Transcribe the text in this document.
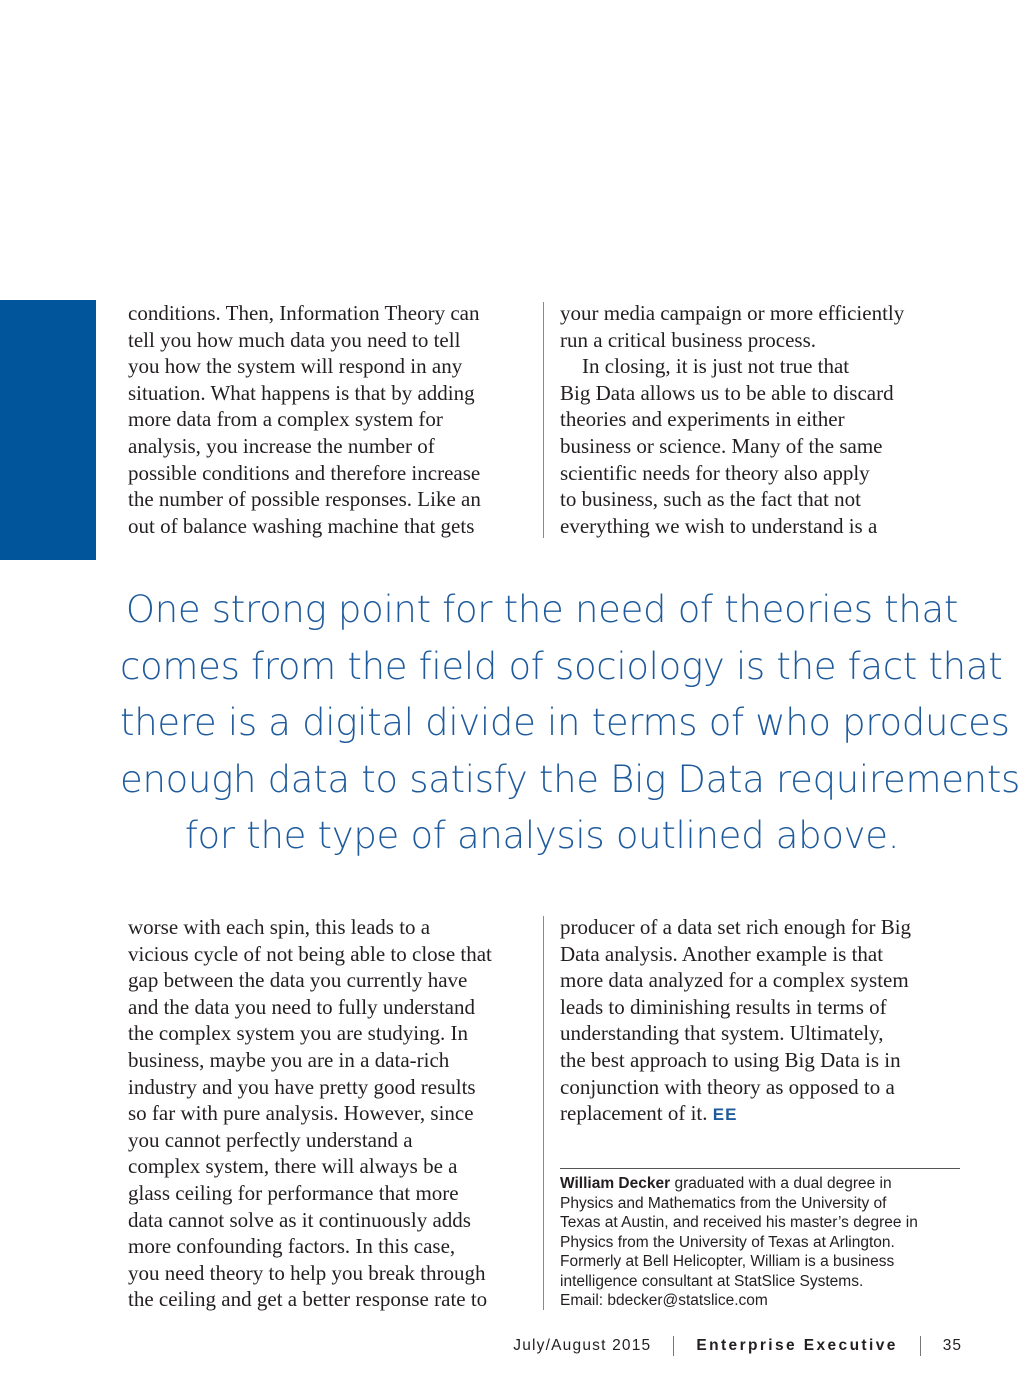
conditions. Then, Information Theory can
tell you how much data you need to tell
you how the system will respond in any
situation. What happens is that by adding
more data from a complex system for
analysis, you increase the number of
possible conditions and therefore increase
the number of possible responses. Like an
out of balance washing machine that gets
your media campaign or more efficiently
run a critical business process.
In closing, it is just not true that
Big Data allows us to be able to discard
theories and experiments in either
business or science. Many of the same
scientific needs for theory also apply
to business, such as the fact that not
everything we wish to understand is a
One strong point for the need of theories that
comes from the field of sociology is the fact that
there is a digital divide in terms of who produces
enough data to satisfy the Big Data requirements
for the type of analysis outlined above.
worse with each spin, this leads to a
vicious cycle of not being able to close that
gap between the data you currently have
and the data you need to fully understand
the complex system you are studying. In
business, maybe you are in a data-rich
industry and you have pretty good results
so far with pure analysis. However, since
you cannot perfectly understand a
complex system, there will always be a
glass ceiling for performance that more
data cannot solve as it continuously adds
more confounding factors. In this case,
you need theory to help you break through
the ceiling and get a better response rate to
producer of a data set rich enough for Big
Data analysis. Another example is that
more data analyzed for a complex system
leads to diminishing results in terms of
understanding that system. Ultimately,
the best approach to using Big Data is in
conjunction with theory as opposed to a
replacement of it. EE
William Decker graduated with a dual degree in
Physics and Mathematics from the University of
Texas at Austin, and received his master’s degree in
Physics from the University of Texas at Arlington.
Formerly at Bell Helicopter, William is a business
intelligence consultant at StatSlice Systems.
Email: bdecker@statslice.com
July/August 2015	Enterprise Executive	35
